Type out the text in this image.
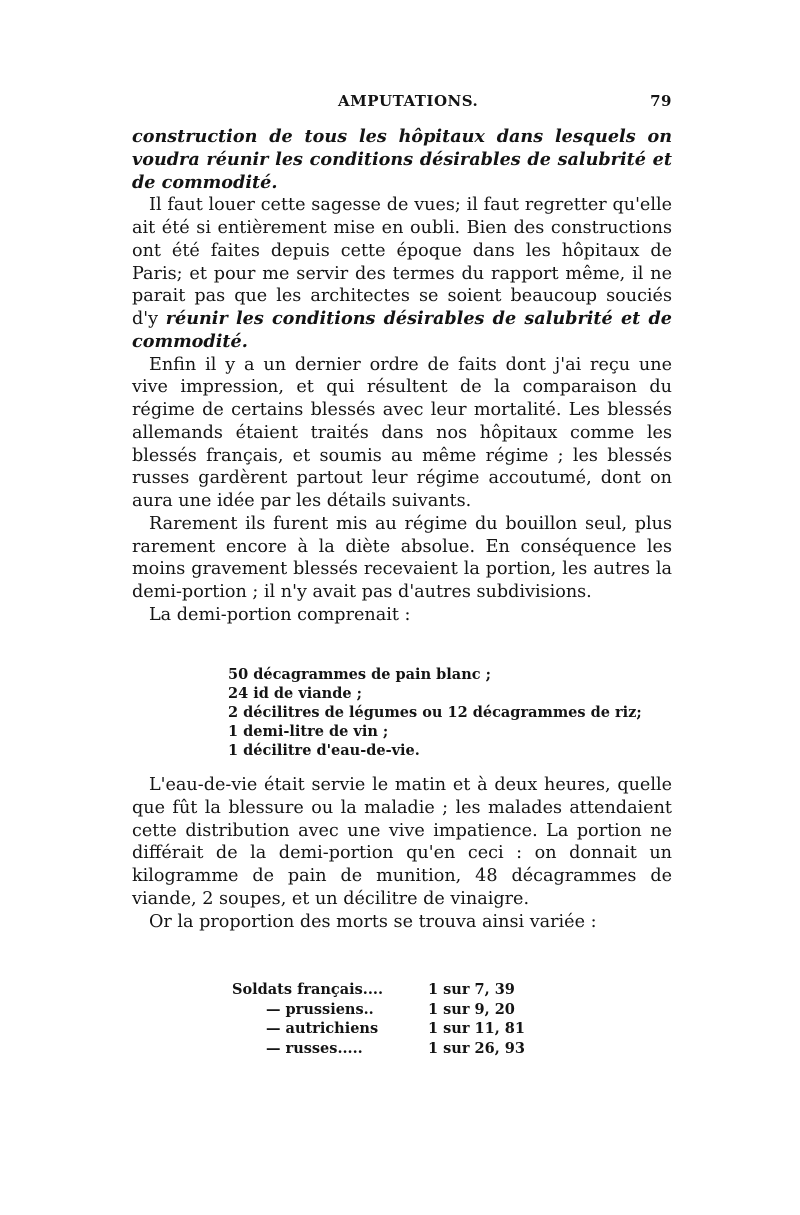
AMPUTATIONS.	79

construction de tous les hôpitaux dans lesquels on voudra réunir les conditions désirables de salubrité et de commodité.

Il faut louer cette sagesse de vues; il faut regretter qu'elle ait été si entièrement mise en oubli. Bien des constructions ont été faites depuis cette époque dans les hôpitaux de Paris; et pour me servir des termes du rapport même, il ne parait pas que les architectes se soient beaucoup souciés d'y réunir les conditions désirables de salubrité et de commodité.

Enfin il y a un dernier ordre de faits dont j'ai reçu une vive impression, et qui résultent de la comparaison du régime de certains blessés avec leur mortalité. Les blessés allemands étaient traités dans nos hôpitaux comme les blessés français, et soumis au même régime ; les blessés russes gardèrent partout leur régime accoutumé, dont on aura une idée par les détails suivants.

Rarement ils furent mis au régime du bouillon seul, plus rarement encore à la diète absolue. En conséquence les moins gravement blessés recevaient la portion, les autres la demi-portion ; il n'y avait pas d'autres subdivisions.

La demi-portion comprenait :

50 décagrammes de pain blanc ;
24 id de viande ;
2 décilitres de légumes ou 12 décagrammes de riz;
1 demi-litre de vin ;
1 décilitre d'eau-de-vie.

L'eau-de-vie était servie le matin et à deux heures, quelle que fût la blessure ou la maladie ; les malades attendaient cette distribution avec une vive impatience. La portion ne différait de la demi-portion qu'en ceci : on donnait un kilogramme de pain de munition, 48 décagrammes de viande, 2 soupes, et un décilitre de vinaigre.

Or la proportion des morts se trouva ainsi variée :

Soldats français....	1 sur 7, 39
— prussiens..	1 sur 9, 20
— autrichiens	1 sur 11, 81
— russes.....	1 sur 26, 93
